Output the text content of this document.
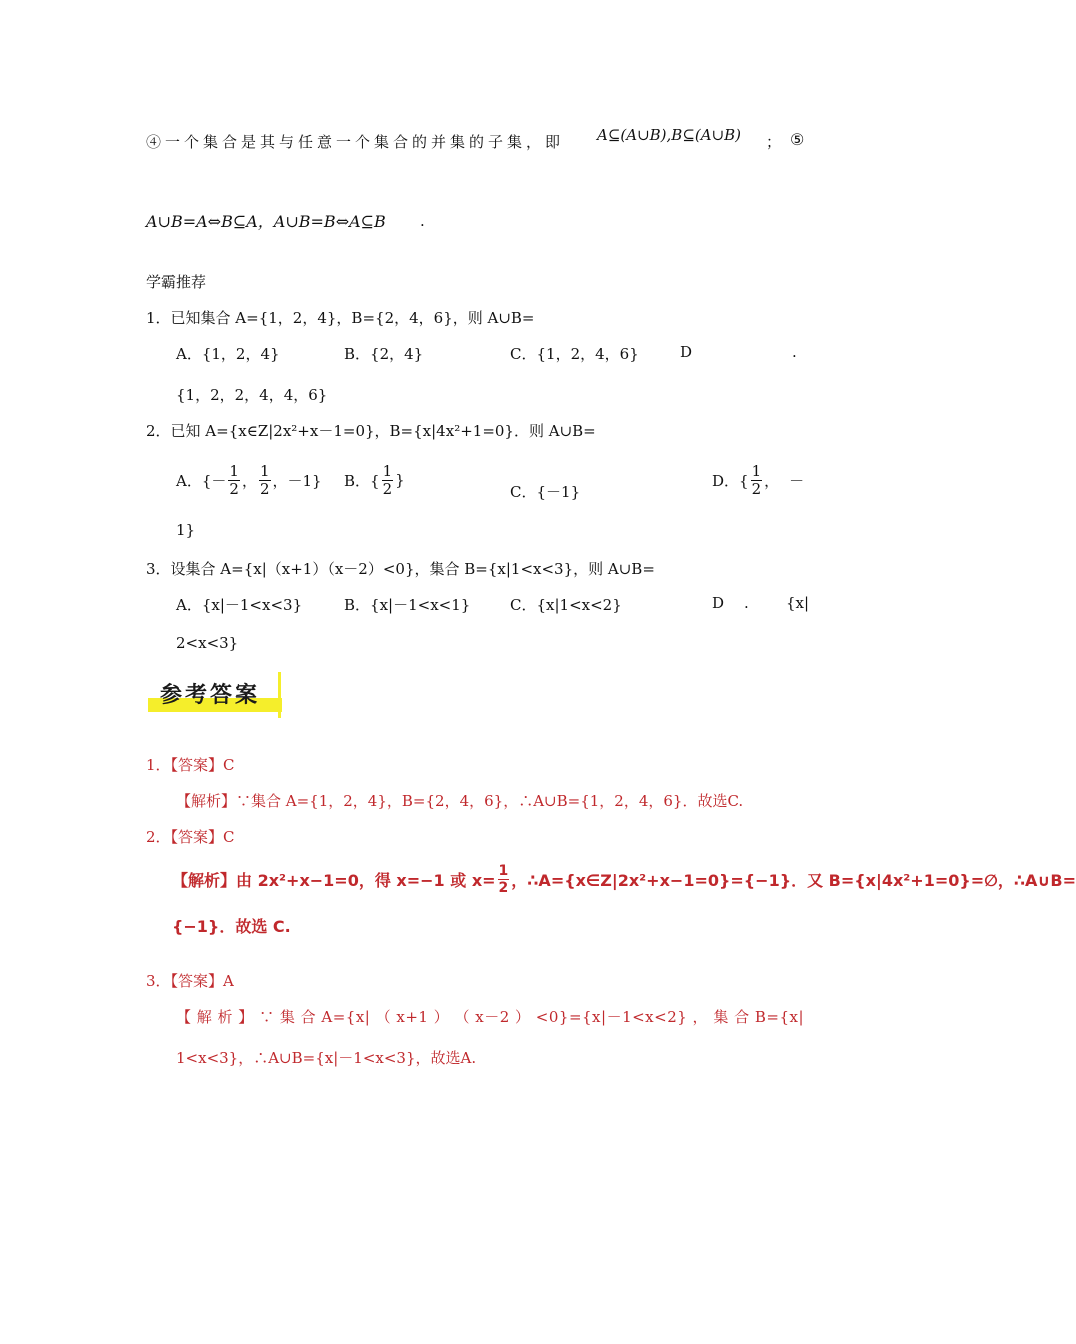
④一个集合是其与任意一个集合的并集的子集，即 A⊆(A∪B),B⊆(A∪B) ； ⑤
A∪B=A⇔B⊆A，A∪B=B⇔A⊆B .
学霸推荐
1．已知集合 A={1，2，4}，B={2，4，6}，则 A∪B=
A．{1，2，4}	B．{2，4}	C．{1，2，4，6}	D	.
{1，2，2，4，4，6}
2．已知 A={x∈Z|2x²+x－1=0}，B={x|4x²+1=0}．则 A∪B=
A．{－ $\frac{1}{2}$ ， $\frac{1}{2}$ ，－1} B．{ $\frac{1}{2}$ }
C．{－1}
D．{ $\frac{1}{2}$ ，－
1}
3．设集合 A={x|（x+1）（x－2）<0}，集合 B={x|1<x<3}，则 A∪B=
A．{x|－1<x<3}	B．{x|－1<x<1}	C．{x|1<x<2}	D . {x|
2<x<3}
参考答案
1．【答案】C
【解析】∵集合 A={1，2，4}，B={2，4，6}，∴A∪B={1，2，4，6}．故选C.
2．【答案】C
【解析】由 2x²+x−1=0，得 x=−1 或 $x= \frac{1}{2}$ ，∴A={x∈Z|2x²+x−1=0}={−1}．又 B={x|4x²+1=0}=∅，∴A∪B=
{−1}．故选 C.
3．【答案】A
【 解 析 】 ∵ 集 合 A={x| （ x+1 ） （ x－2 ） <0}={x|－1<x<2} ， 集 合 B={x|
1<x<3}，∴A∪B={x|－1<x<3}，故选A.
